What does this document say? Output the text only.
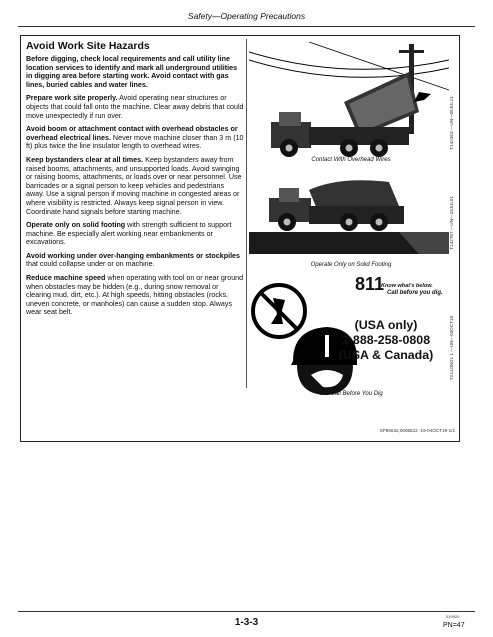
Safety—Operating Precautions
Avoid Work Site Hazards

Before digging, check local requirements and call utility line location services to identify and mark all underground utilities in digging area before starting work. Avoid contact with gas lines, buried cables and water lines.

Prepare work site properly. Avoid operating near structures or objects that could fall onto the machine. Clear away debris that could move unexpectedly if run over.

Avoid boom or attachment contact with overhead obstacles or overhead electrical lines. Never move machine closer than 3 m (10 ft) plus twice the line insulator length to overhead wires.

Keep bystanders clear at all times. Keep bystanders away from raised booms, attachments, and unsupported loads. Avoid swinging or raising booms, attachments, or loads over or near personnel. Use barricades or a signal person to keep vehicles and pedestrians away. Use a signal person if moving machine in congested areas or where visibility is restricted. Always keep signal person in view. Coordinate hand signals before starting machine.

Operate only on solid footing with strength sufficient to support machine. Be especially alert working near embankments or excavations.

Avoid working under over-hanging embankments or stockpiles that could collapse under or on machine.

Reduce machine speed when operating with tool on or near ground when obstacles may be hidden (e.g., during snow removal or clearing mud, dirt, etc.). At high speeds, hitting obstacles (rocks, uneven concrete, or manholes) can cause a sudden stop. Always wear seat belt.

Contact With Overhead Wires
T142353 —UN—05JUL21
Operate Only on Solid Footing
T142767 —UN—23JUL01
811
Know what's below.
Call before you dig.
(USA only)
1-888-258-0808
(USA & Canada)
811 Call Before You Dig
TX1129621 1 —UN—03OCT19
SP66632,0005522 -19-04OCT19-1/1
1-3-3
010920
PN=47
